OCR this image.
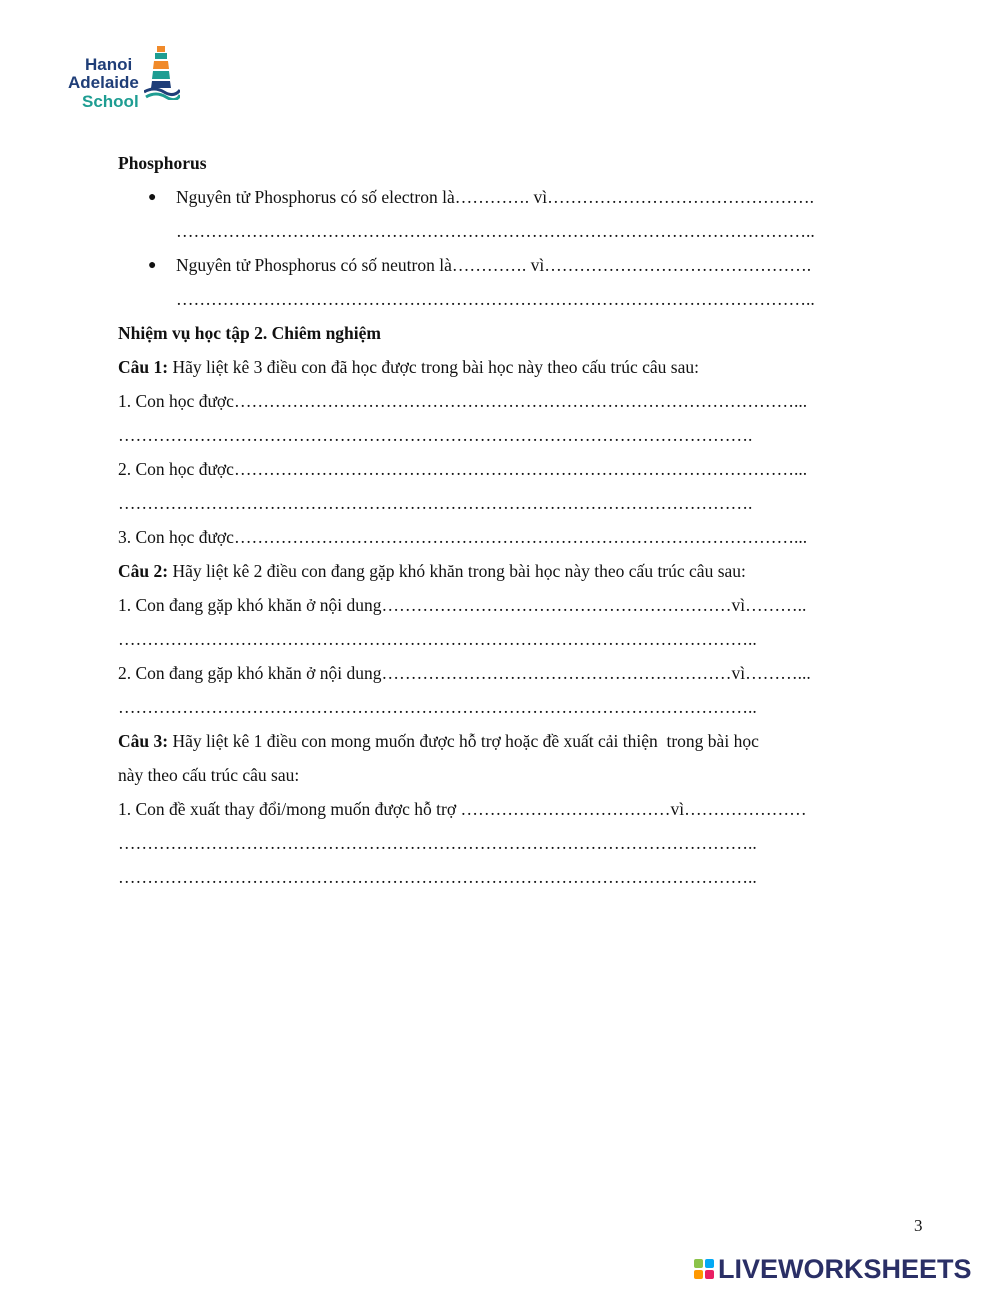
Hanoi
Adelaide
School
Phosphorus
● Nguyên tử Phosphorus có số electron là…………. vì……………………………………….
………………………………………………………………………………………………..
● Nguyên tử Phosphorus có số neutron là…………. vì……………………………………….
………………………………………………………………………………………………..
Nhiệm vụ học tập 2. Chiêm nghiệm
Câu 1: Hãy liệt kê 3 điều con đã học được trong bài học này theo cấu trúc câu sau:
1. Con học được……………………………………………………………………………………...
……………………………………………………………………………………………….
2. Con học được……………………………………………………………………………………...
……………………………………………………………………………………………….
3. Con học được……………………………………………………………………………………...
Câu 2: Hãy liệt kê 2 điều con đang gặp khó khăn trong bài học này theo cấu trúc câu sau:
1. Con đang gặp khó khăn ở nội dung……………………………………………………vì………..
………………………………………………………………………………………………..
2. Con đang gặp khó khăn ở nội dung……………………………………………………vì………...
………………………………………………………………………………………………..
Câu 3: Hãy liệt kê 1 điều con mong muốn được hỗ trợ hoặc đề xuất cải thiện  trong bài học
này theo cấu trúc câu sau:
1. Con đề xuất thay đổi/mong muốn được hỗ trợ ………………………………vì…………………
………………………………………………………………………………………………..
………………………………………………………………………………………………..
3
LIVEWORKSHEETS
